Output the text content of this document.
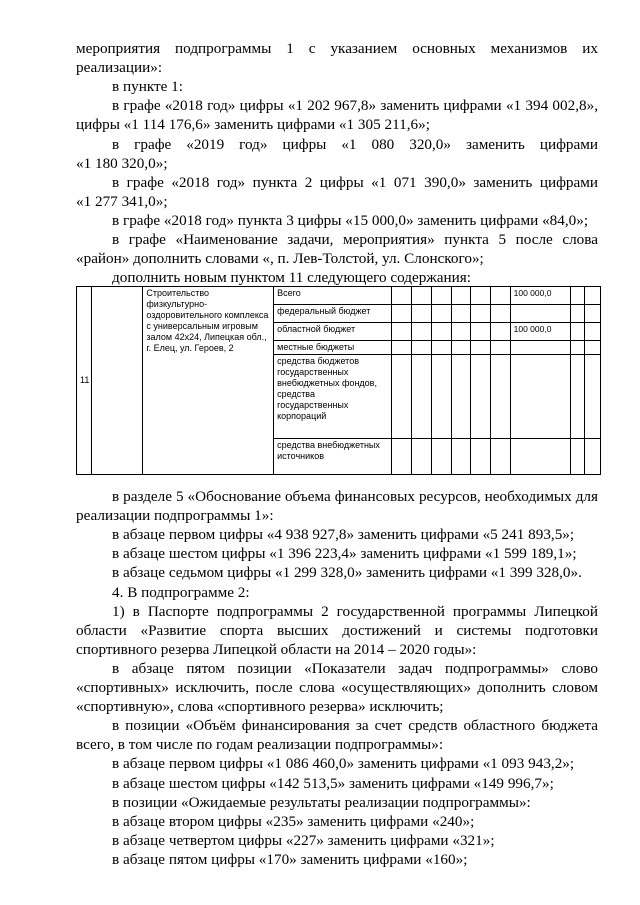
мероприятия подпрограммы 1 с указанием основных механизмов их
реализации»:
в пункте 1:
в графе «2018 год» цифры «1 202 967,8» заменить цифрами «1 394 002,8»,
цифры «1 114 176,6» заменить цифрами «1 305 211,6»;
в графе «2019 год» цифры «1 080 320,0» заменить цифрами
«1 180 320,0»;
в графе «2018 год» пункта 2 цифры «1 071 390,0» заменить цифрами
«1 277 341,0»;
в графе «2018 год» пункта 3 цифры «15 000,0» заменить цифрами «84,0»;
в графе «Наименование задачи, мероприятия» пункта 5 после слова
«район» дополнить словами «, п. Лев-Толстой, ул. Слонского»;
дополнить новым пунктом 11 следующего содержания:
11		Строительство физкультурно-оздоровительного комплекса с универсальным игровым залом 42х24, Липецкая обл., г. Елец, ул. Героев, 2	Всего							100 000,0		
			федеральный бюджет									
			областной бюджет							100 000,0		
			местные бюджеты									
			средства бюджетов государственных внебюджетных фондов, средства государственных корпораций									
			средства внебюджетных источников									
в разделе 5 «Обоснование объема финансовых ресурсов, необходимых для
реализации подпрограммы 1»:
в абзаце первом цифры «4 938 927,8» заменить цифрами «5 241 893,5»;
в абзаце шестом цифры «1 396 223,4» заменить цифрами «1 599 189,1»;
в абзаце седьмом цифры «1 299 328,0» заменить цифрами «1 399 328,0».
4. В подпрограмме 2:
1) в Паспорте подпрограммы 2 государственной программы Липецкой
области «Развитие спорта высших достижений и системы подготовки
спортивного резерва Липецкой области на 2014 – 2020 годы»:
в абзаце пятом позиции «Показатели задач подпрограммы» слово
«спортивных» исключить, после слова «осуществляющих» дополнить словом
«спортивную», слова «спортивного резерва» исключить;
в позиции «Объём финансирования за счет средств областного бюджета
всего, в том числе по годам реализации подпрограммы»:
в абзаце первом цифры «1 086 460,0» заменить цифрами «1 093 943,2»;
в абзаце шестом цифры «142 513,5» заменить цифрами «149 996,7»;
в позиции «Ожидаемые результаты реализации подпрограммы»:
в абзаце втором цифры «235» заменить цифрами «240»;
в абзаце четвертом цифры «227» заменить цифрами «321»;
в абзаце пятом цифры «170» заменить цифрами «160»;
